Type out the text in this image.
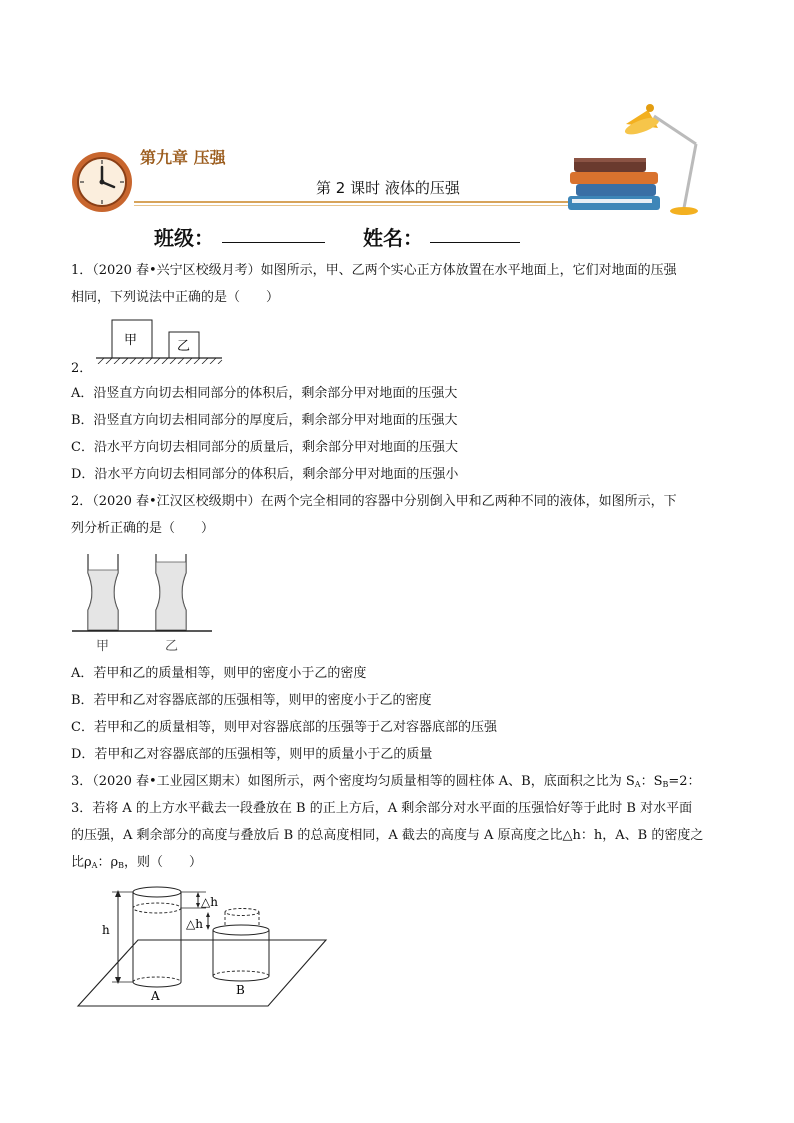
第九章 压强
第 2 课时 液体的压强
班级：	姓名：
1．（2020 春•兴宁区校级月考）如图所示，甲、乙两个实心正方体放置在水平地面上，它们对地面的压强
相同，下列说法中正确的是（　　）
甲	乙
2．
A．沿竖直方向切去相同部分的体积后，剩余部分甲对地面的压强大
B．沿竖直方向切去相同部分的厚度后，剩余部分甲对地面的压强大
C．沿水平方向切去相同部分的质量后，剩余部分甲对地面的压强大
D．沿水平方向切去相同部分的体积后，剩余部分甲对地面的压强小
2．（2020 春•江汉区校级期中）在两个完全相同的容器中分别倒入甲和乙两种不同的液体，如图所示，下
列分析正确的是（　　）
甲	乙
A．若甲和乙的质量相等，则甲的密度小于乙的密度
B．若甲和乙对容器底部的压强相等，则甲的密度小于乙的密度
C．若甲和乙的质量相等，则甲对容器底部的压强等于乙对容器底部的压强
D．若甲和乙对容器底部的压强相等，则甲的质量小于乙的质量
3．（2020 春•工业园区期末）如图所示，两个密度均匀质量相等的圆柱体 A、B，底面积之比为 $S_A$：$S_B=2$：
3．若将 A 的上方水平截去一段叠放在 B 的正上方后，A 剩余部分对水平面的压强恰好等于此时 B 对水平面
的压强，A 剩余部分的高度与叠放后 B 的总高度相同，A 截去的高度与 A 原高度之比△h：h，A、B 的密度之
比$\rho_A$：$\rho_B$，则（　　）
h
△h
△h
A	B
